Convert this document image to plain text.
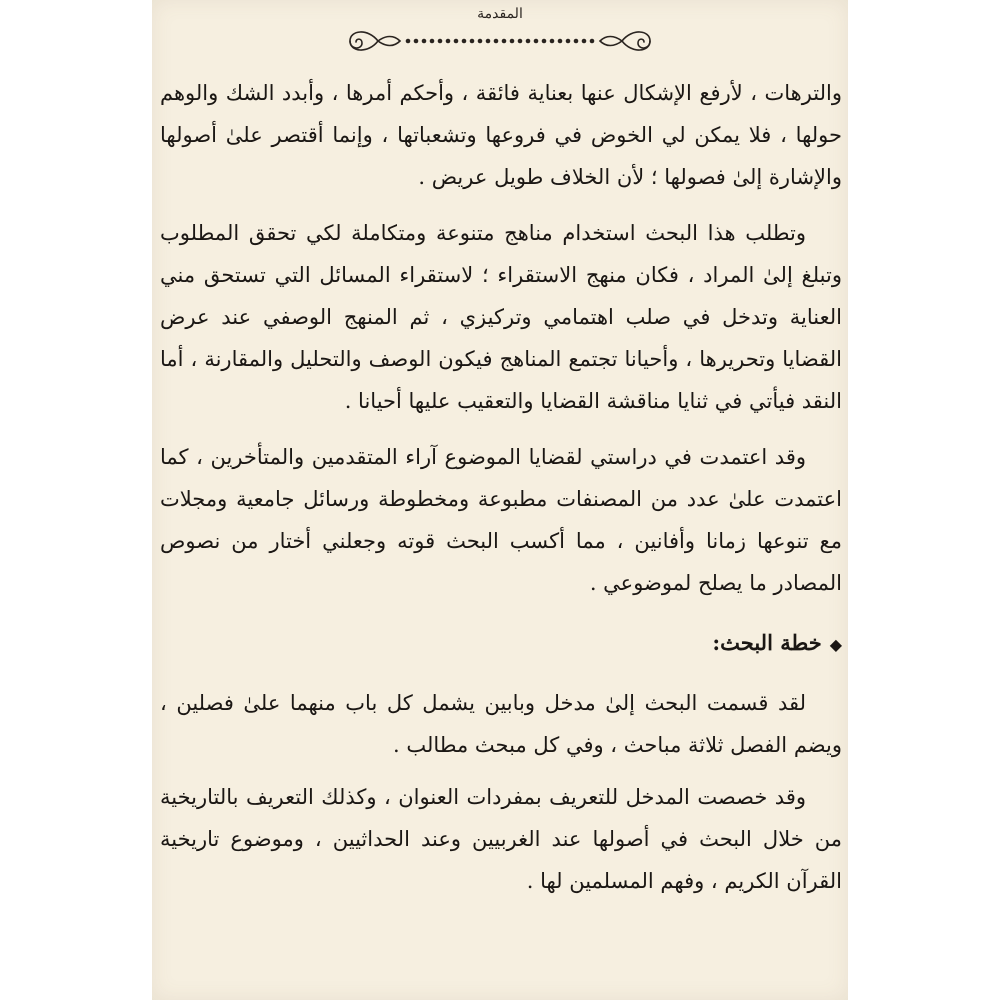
المقدمة

والترهات ، لأرفع الإشكال عنها بعناية فائقة ، وأحكم أمرها ، وأبدد الشك والوهم حولها ، فلا يمكن لي الخوض في فروعها وتشعباتها ، وإنما أقتصر علىٰ أصولها والإشارة إلىٰ فصولها ؛ لأن الخلاف طويل عريض .

وتطلب هذا البحث استخدام مناهج متنوعة ومتكاملة لكي تحقق المطلوب وتبلغ إلىٰ المراد ، فكان منهج الاستقراء ؛ لاستقراء المسائل التي تستحق مني العناية وتدخل في صلب اهتمامي وتركيزي ، ثم المنهج الوصفي عند عرض القضايا وتحريرها ، وأحيانا تجتمع المناهج فيكون الوصف والتحليل والمقارنة ، أما النقد فيأتي في ثنايا مناقشة القضايا والتعقيب عليها أحيانا .

وقد اعتمدت في دراستي لقضايا الموضوع آراء المتقدمين والمتأخرين ، كما اعتمدت علىٰ عدد من المصنفات مطبوعة ومخطوطة ورسائل جامعية ومجلات مع تنوعها زمانا وأفانين ، مما أكسب البحث قوته وجعلني أختار من نصوص المصادر ما يصلح لموضوعي .

◆خطة البحث:

لقد قسمت البحث إلىٰ مدخل وبابين يشمل كل باب منهما علىٰ فصلين ، ويضم الفصل ثلاثة مباحث ، وفي كل مبحث مطالب .

وقد خصصت المدخل للتعريف بمفردات العنوان ، وكذلك التعريف بالتاريخية من خلال البحث في أصولها عند الغربيين وعند الحداثيين ، وموضوع تاريخية القرآن الكريم ، وفهم المسلمين لها .
